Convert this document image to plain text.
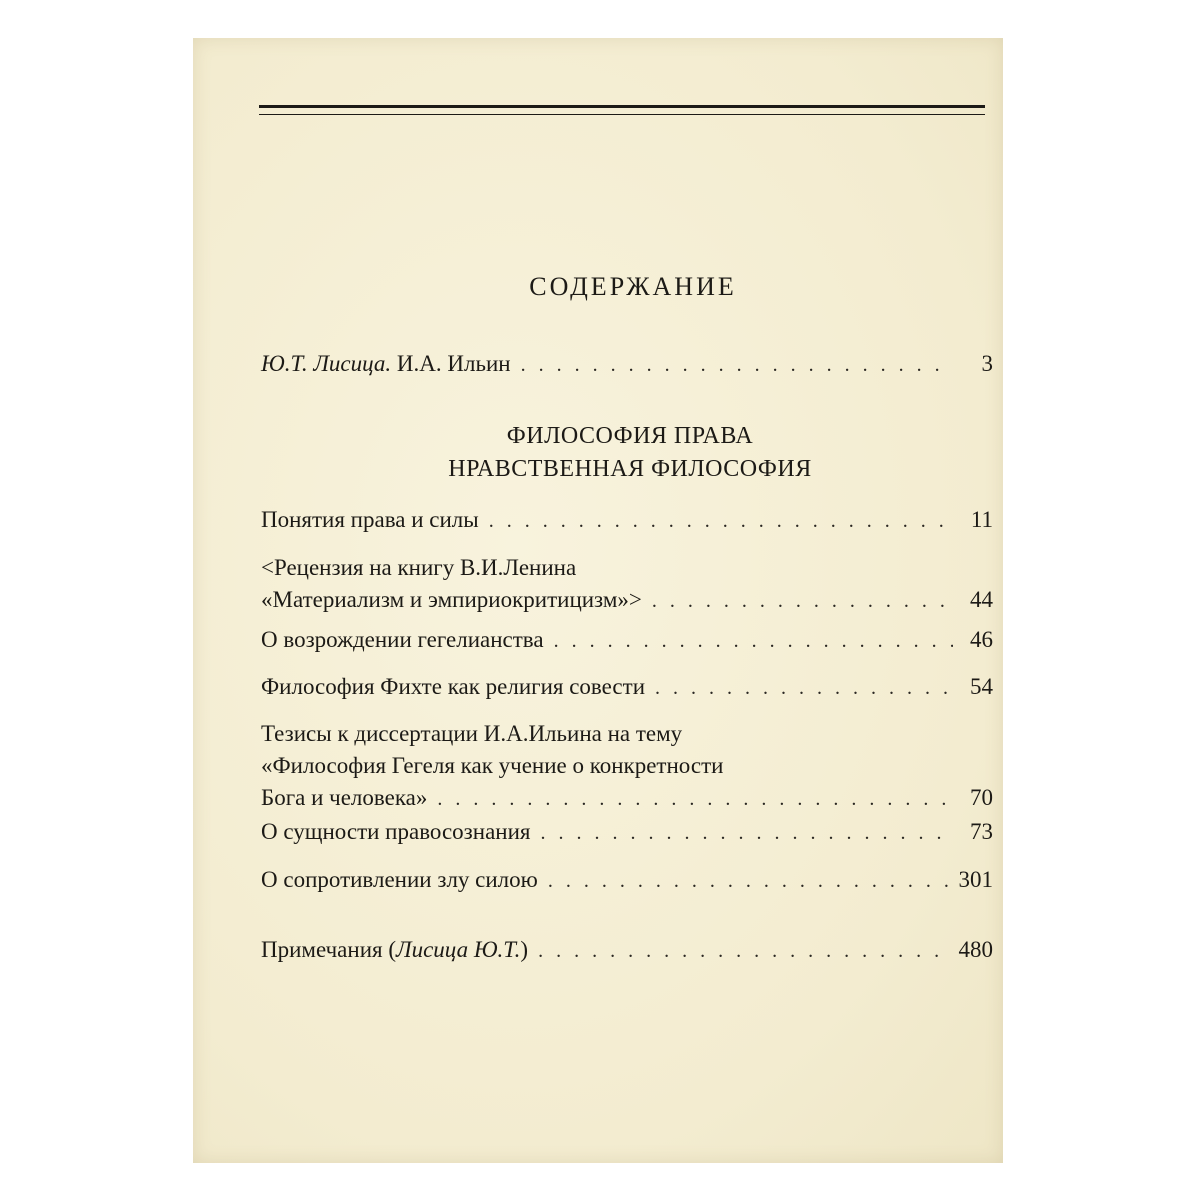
СОДЕРЖАНИЕ
Ю.Т. Лисица. И.А. Ильин . . .	3
ФИЛОСОФИЯ ПРАВА
НРАВСТВЕННАЯ ФИЛОСОФИЯ
Понятия права и силы . . .	11
<Рецензия на книгу В.И.Ленина
«Материализм и эмпириокритицизм»> . . .	44
О возрождении гегелианства . . .	46
Философия Фихте как религия совести . . .	54
Тезисы к диссертации И.А.Ильина на тему
«Философия Гегеля как учение о конкретности
Бога и человека» . . .	70
О сущности правосознания . . .	73
О сопротивлении злу силою . . .	301
Примечания (Лисица Ю.Т.) . . .	480
